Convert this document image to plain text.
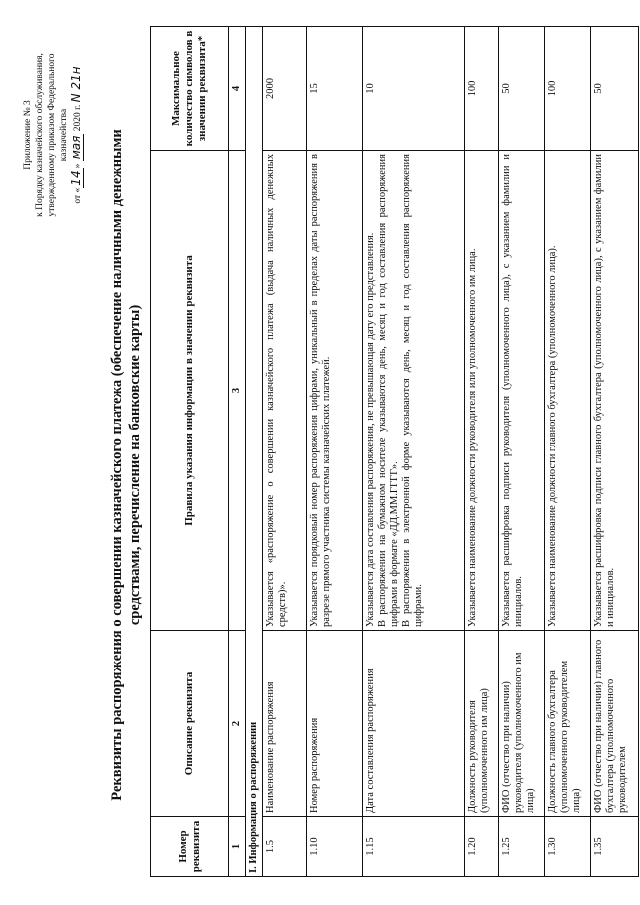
Приложение № 3 к Порядку казначейского обслуживания, утвержденному приказом Федерального казначейства
от «14» мая 2020 г. N 21н
Реквизиты распоряжения о совершении казначейского платежа (обеспечение наличными денежными средствами, перечисление на банковские карты)
Номер реквизита	Описание реквизита	Правила указания информации в значении реквизита	Максимальное количество символов в значении реквизита*
1	2	3	4
I. Информация о распоряжении			
1.5	Наименование распоряжения	Указывается «распоряжение о совершении казначейского платежа (выдача наличных денежных средств)».	2000
1.10	Номер распоряжения	Указывается порядковый номер распоряжения цифрами, уникальный в пределах даты распоряжения в разрезе прямого участника системы казначейских платежей.	15
1.15	Дата составления распоряжения	Указывается дата составления распоряжения, не превышающая дату его представления. В распоряжении на бумажном носителе указываются день, месяц и год составления распоряжения цифрами в формате «ДД.ММ.ГГГГ». В распоряжении в электронной форме указываются день, месяц и год составления распоряжения цифрами.	10
1.20	Должность руководителя (уполномоченного им лица)	Указывается наименование должности руководителя или уполномоченного им лица.	100
1.25	ФИО (отчество при наличии) руководителя (уполномоченного им лица)	Указывается расшифровка подписи руководителя (уполномоченного лица), с указанием фамилии и инициалов.	50
1.30	Должность главного бухгалтера (уполномоченного руководителем лица)	Указывается наименование должности главного бухгалтера (уполномоченного лица).	100
1.35	ФИО (отчество при наличии) главного бухгалтера (уполномоченного руководителем	Указывается расшифровка подписи главного бухгалтера (уполномоченного лица), с указанием фамилии и инициалов.	50
